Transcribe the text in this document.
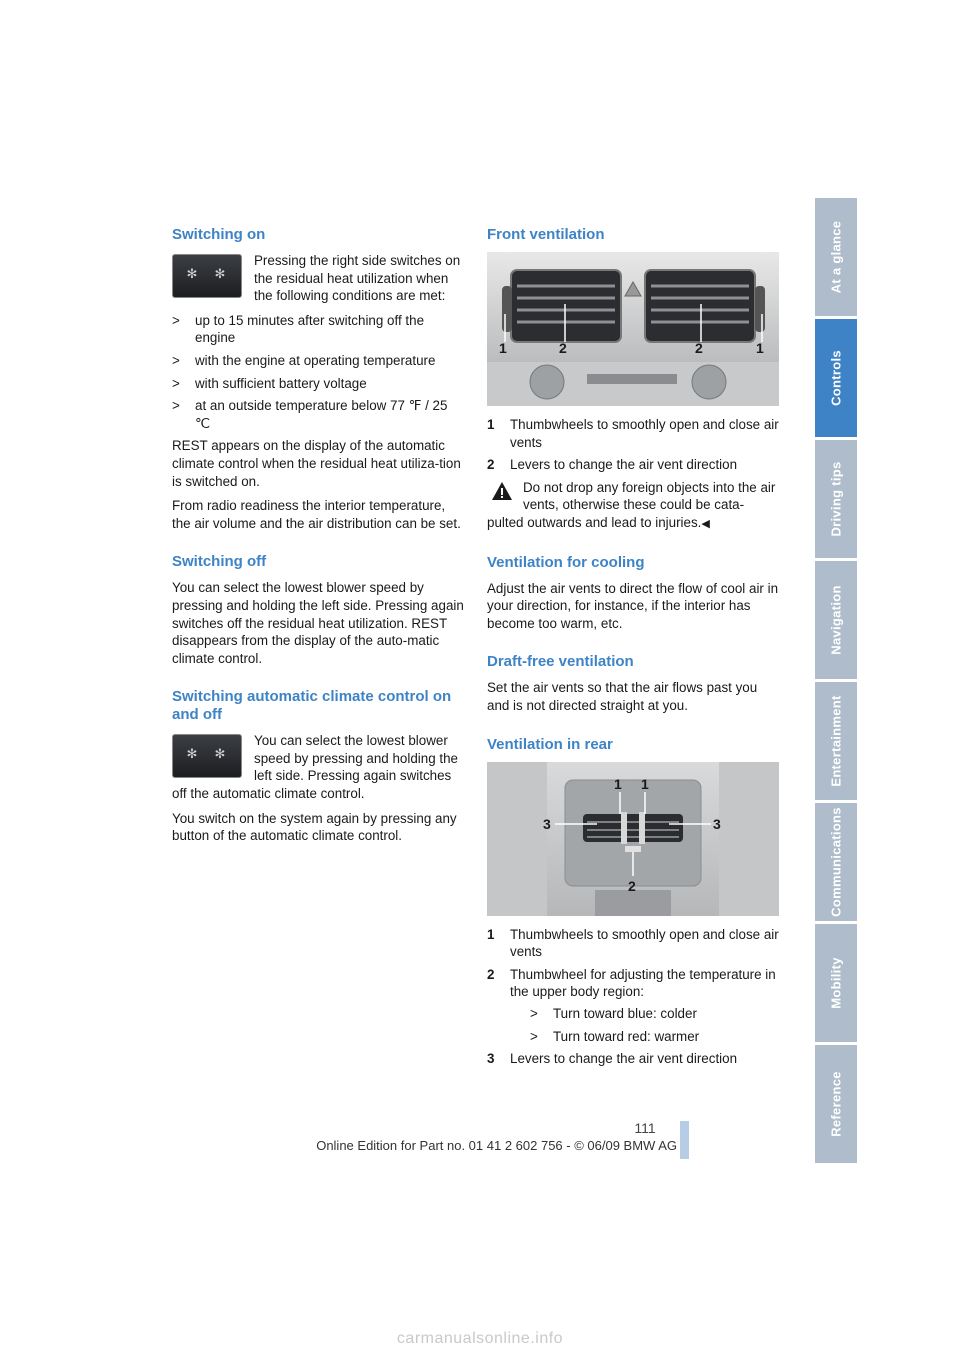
Switching on
✻ ✻

Pressing the right side switches on the residual heat utilization when the following conditions are met:

> up to 15 minutes after switching off the engine
> with the engine at operating temperature
> with sufficient battery voltage
> at an outside temperature below 77 ℉ / 25 ℃

REST appears on the display of the automatic climate control when the residual heat utiliza-tion is switched on.

From radio readiness the interior temperature, the air volume and the air distribution can be set.

Switching off

You can select the lowest blower speed by pressing and holding the left side. Pressing again switches off the residual heat utilization. REST disappears from the display of the auto-matic climate control.

Switching automatic climate control on and off
✻ ✻

You can select the lowest blower speed by pressing and holding the left side. Pressing again switches off the automatic climate control.

You switch on the system again by pressing any button of the automatic climate control.

Front ventilation
1	2	2	1
1 Thumbwheels to smoothly open and close air vents
2 Levers to change the air vent direction
Do not drop any foreign objects into the air vents, otherwise these could be cata-pulted outwards and lead to injuries.◀
Ventilation for cooling

Adjust the air vents to direct the flow of cool air in your direction, for instance, if the interior has become too warm, etc.

Draft-free ventilation

Set the air vents so that the air flows past you and is not directed straight at you.

Ventilation in rear
1 1
3	3
2
1 Thumbwheels to smoothly open and close air vents
2 Thumbwheel for adjusting the temperature in the upper body region:
> Turn toward blue: colder
> Turn toward red: warmer
3 Levers to change the air vent direction
At a glance
Controls
Driving tips
Navigation
Entertainment
Communications
Mobility
Reference
111
Online Edition for Part no. 01 41 2 602 756 - © 06/09 BMW AG
carmanualsonline.info
